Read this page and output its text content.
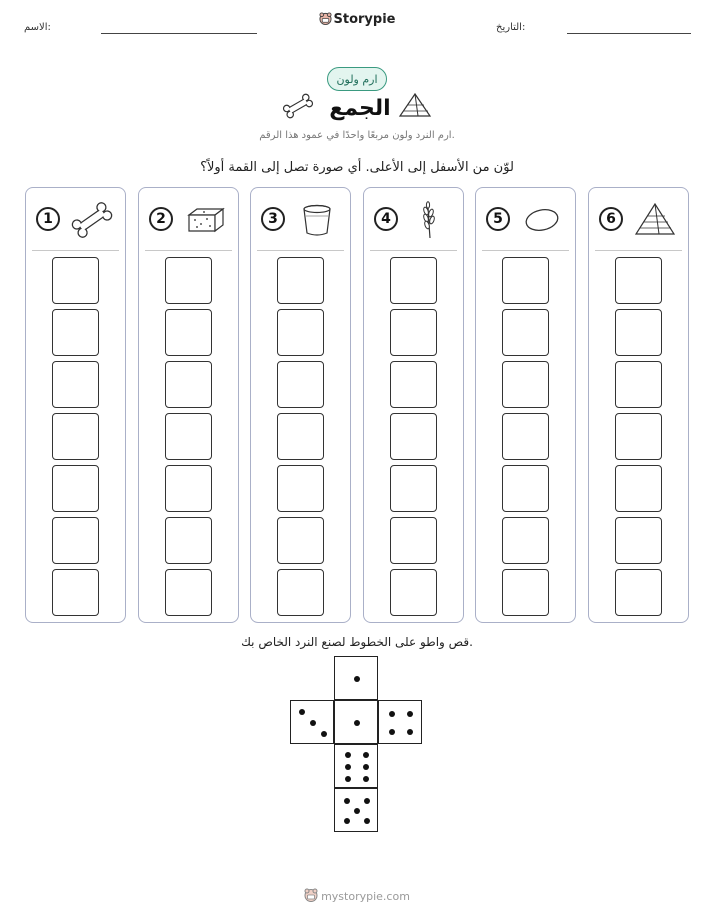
الاسم:
Storypie
التاريخ:
ارم ولون
الجمع
ارم النرد ولون مربعًا واحدًا في عمود هذا الرقم.
لوّن من الأسفل إلى الأعلى. أي صورة تصل إلى القمة أولاً؟
1	2	3	4	5	6
قص واطو على الخطوط لصنع النرد الخاص بك.
mystorypie.com
